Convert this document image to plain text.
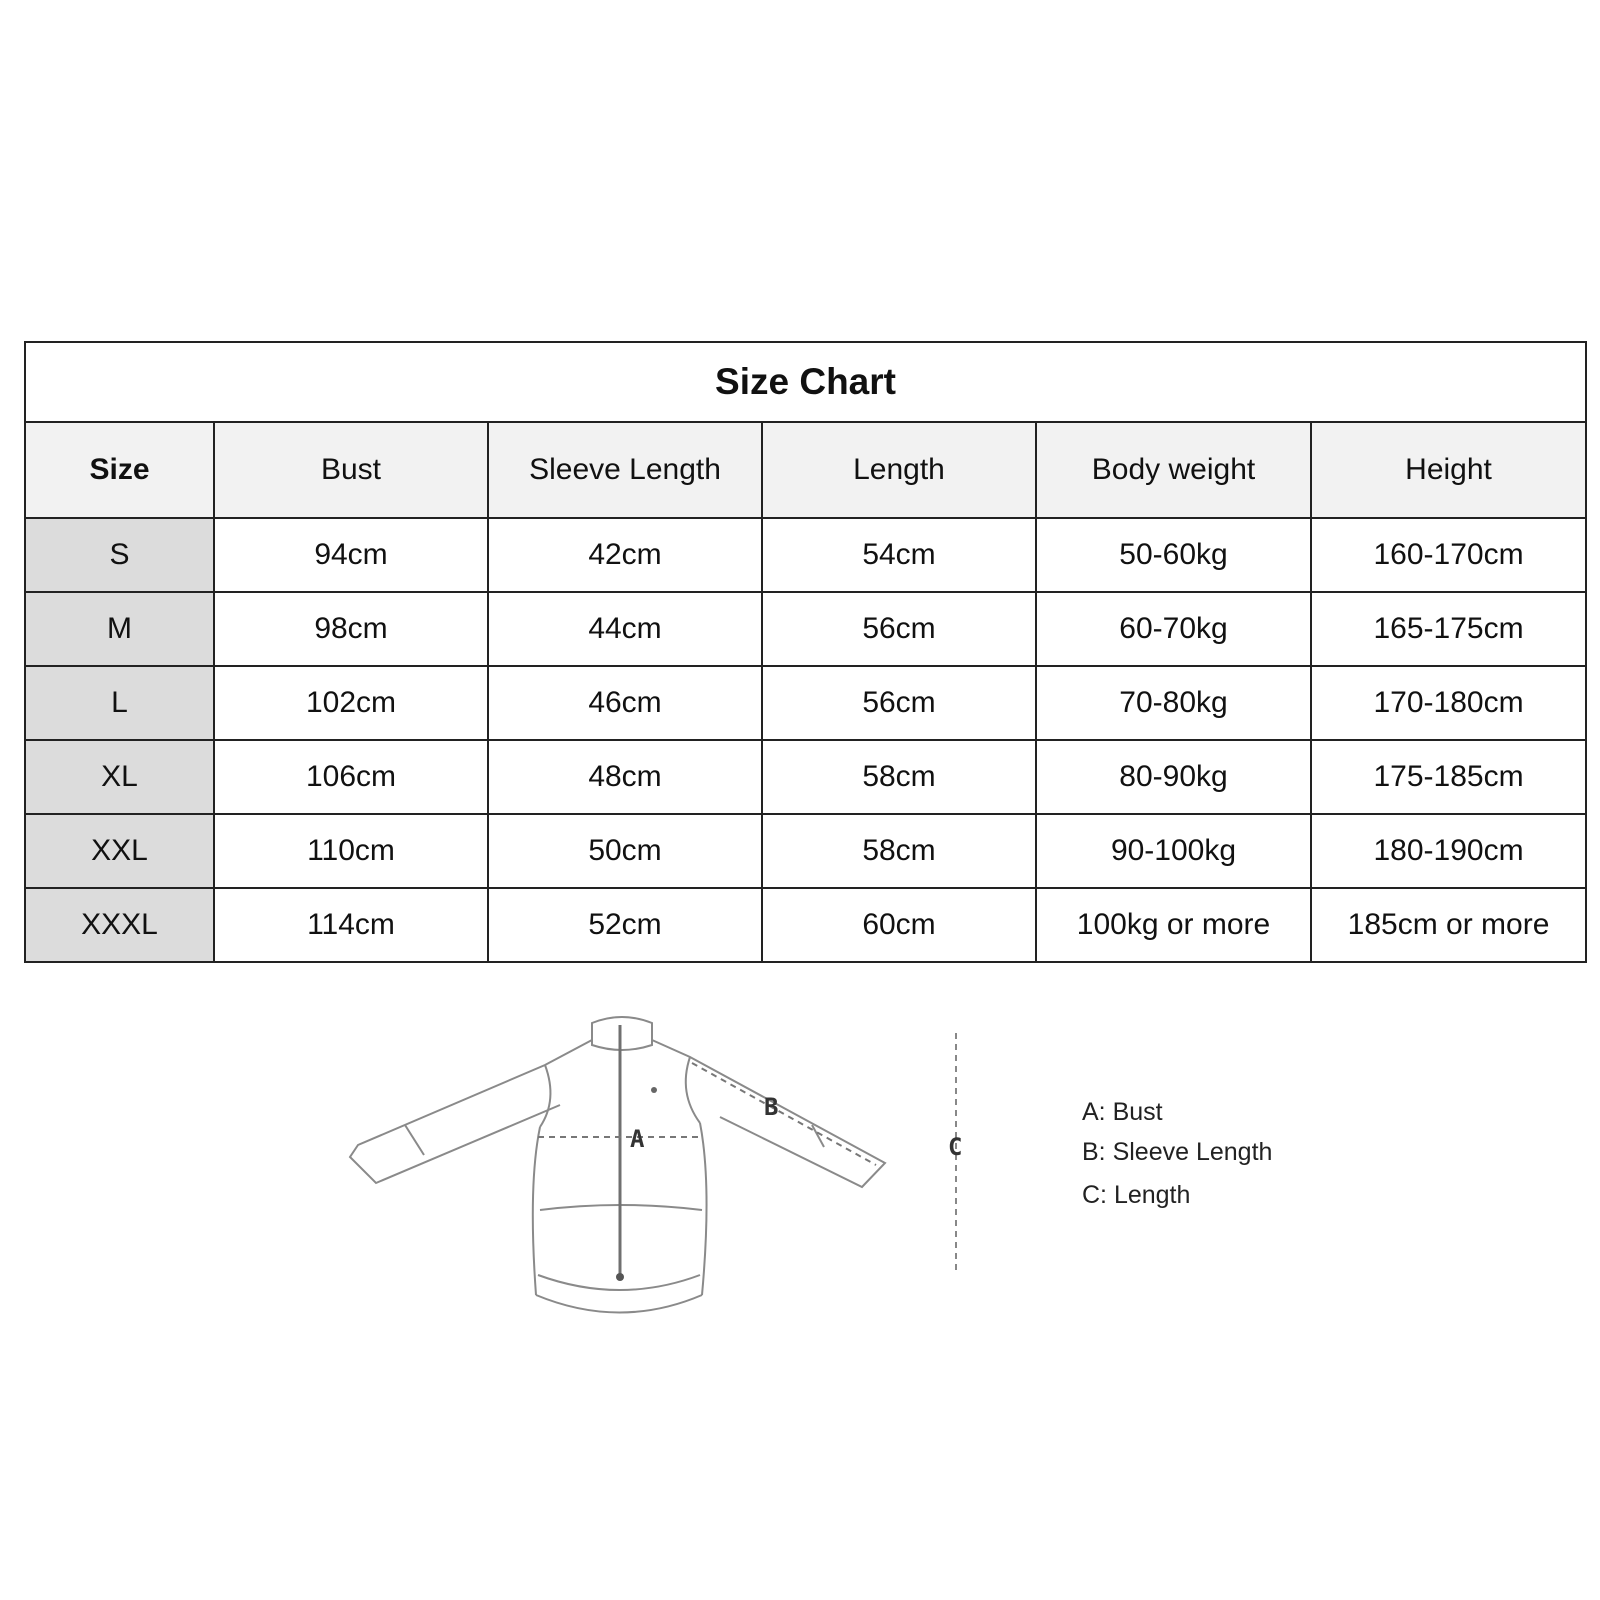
Size Chart					
Size	Bust	Sleeve Length	Length	Body weight	Height
S	94cm	42cm	54cm	50-60kg	160-170cm
M	98cm	44cm	56cm	60-70kg	165-175cm
L	102cm	46cm	56cm	70-80kg	170-180cm
XL	106cm	48cm	58cm	80-90kg	175-185cm
XXL	110cm	50cm	58cm	90-100kg	180-190cm
XXXL	114cm	52cm	60cm	100kg or more	185cm or more
A
B
C
A: Bust
B: Sleeve Length
C: Length
